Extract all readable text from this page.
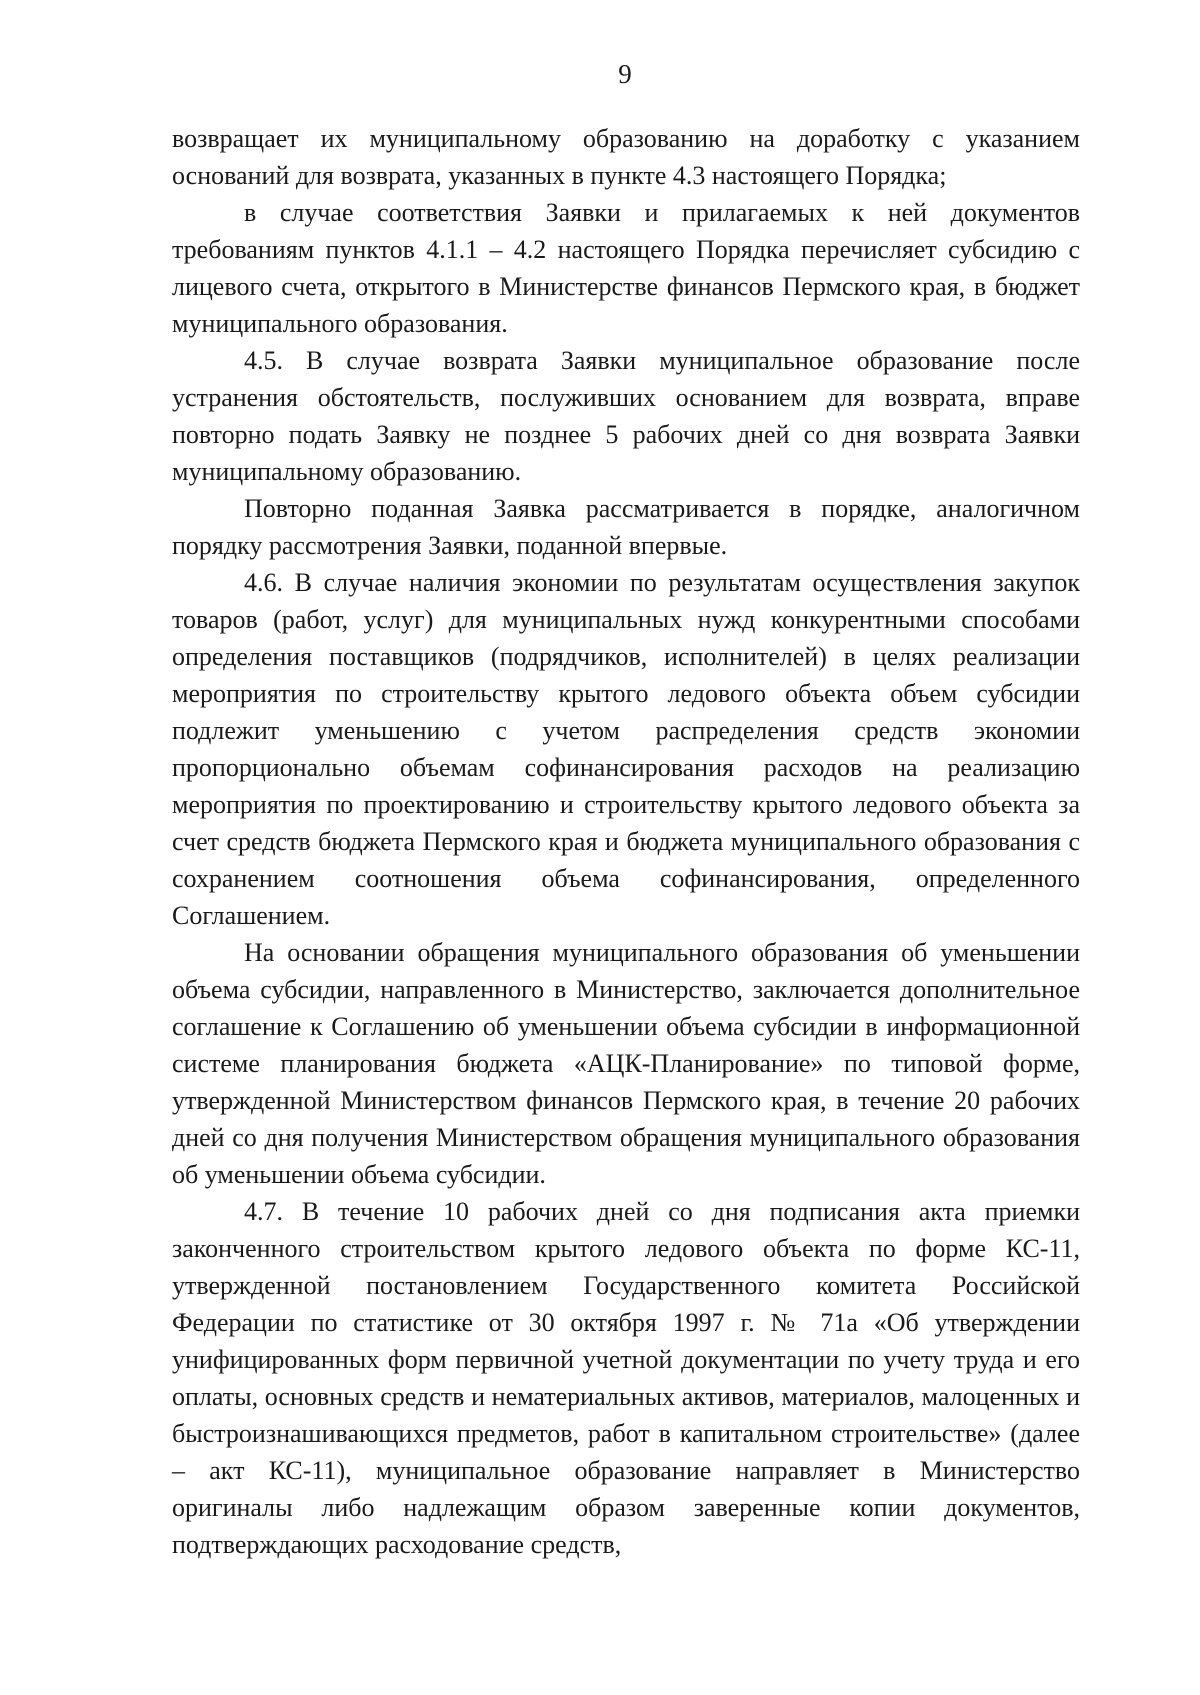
9

возвращает их муниципальному образованию на доработку с указанием оснований для возврата, указанных в пункте 4.3 настоящего Порядка;

в случае соответствия Заявки и прилагаемых к ней документов требованиям пунктов 4.1.1 – 4.2 настоящего Порядка перечисляет субсидию с лицевого счета, открытого в Министерстве финансов Пермского края, в бюджет муниципального образования.

4.5. В случае возврата Заявки муниципальное образование после устранения обстоятельств, послуживших основанием для возврата, вправе повторно подать Заявку не позднее 5 рабочих дней со дня возврата Заявки муниципальному образованию.

Повторно поданная Заявка рассматривается в порядке, аналогичном порядку рассмотрения Заявки, поданной впервые.

4.6. В случае наличия экономии по результатам осуществления закупок товаров (работ, услуг) для муниципальных нужд конкурентными способами определения поставщиков (подрядчиков, исполнителей) в целях реализации мероприятия по строительству крытого ледового объекта объем субсидии подлежит уменьшению с учетом распределения средств экономии пропорционально объемам софинансирования расходов на реализацию мероприятия по проектированию и строительству крытого ледового объекта за счет средств бюджета Пермского края и бюджета муниципального образования с сохранением соотношения объема софинансирования, определенного Соглашением.

На основании обращения муниципального образования об уменьшении объема субсидии, направленного в Министерство, заключается дополнительное соглашение к Соглашению об уменьшении объема субсидии в информационной системе планирования бюджета «АЦК-Планирование» по типовой форме, утвержденной Министерством финансов Пермского края, в течение 20 рабочих дней со дня получения Министерством обращения муниципального образования об уменьшении объема субсидии.

4.7. В течение 10 рабочих дней со дня подписания акта приемки законченного строительством крытого ледового объекта по форме КС-11, утвержденной постановлением Государственного комитета Российской Федерации по статистике от 30 октября 1997 г. № 71а «Об утверждении унифицированных форм первичной учетной документации по учету труда и его оплаты, основных средств и нематериальных активов, материалов, малоценных и быстроизнашивающихся предметов, работ в капитальном строительстве» (далее – акт КС-11), муниципальное образование направляет в Министерство оригиналы либо надлежащим образом заверенные копии документов, подтверждающих расходование средств,
